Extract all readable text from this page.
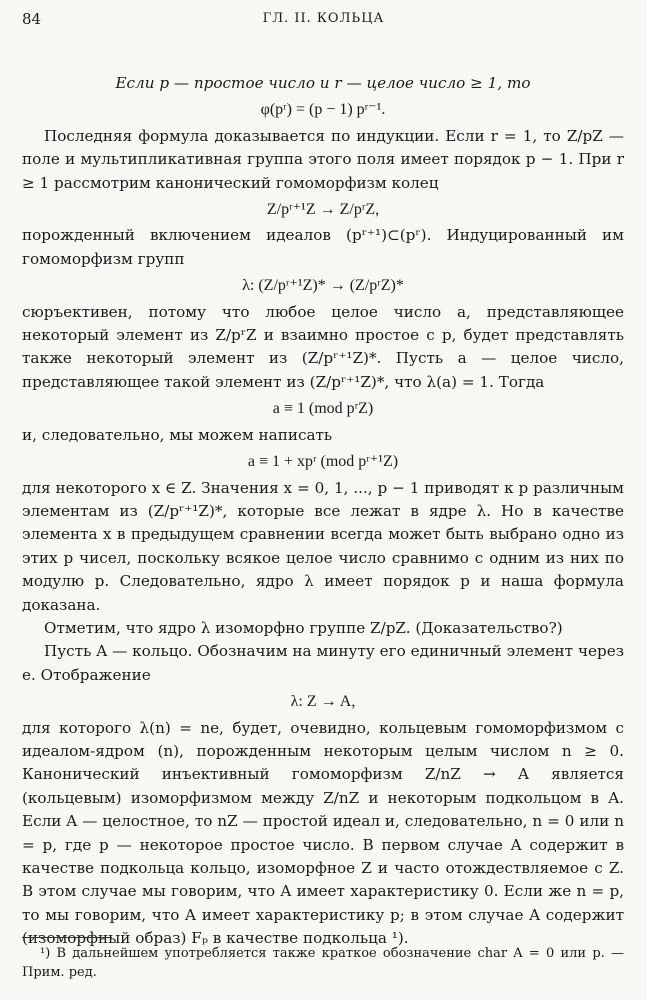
84	ГЛ. II. КОЛЬЦА

Если p — простое число и r — целое число ≥ 1, то

φ(pʳ) = (p − 1) pʳ⁻¹.

Последняя формула доказывается по индукции. Если r = 1, то Z/pZ — поле и мультипликативная группа этого поля имеет порядок p − 1. При r ≥ 1 рассмотрим канонический гомоморфизм колец

Z/pʳ⁺¹Z → Z/pʳZ,

порожденный включением идеалов (pʳ⁺¹)⊂(pʳ). Индуцированный им гомоморфизм групп

λ: (Z/pʳ⁺¹Z)* → (Z/pʳZ)*

сюръективен, потому что любое целое число a, представляющее некоторый элемент из Z/pʳZ и взаимно простое с p, будет представлять также некоторый элемент из (Z/pʳ⁺¹Z)*. Пусть a — целое число, представляющее такой элемент из (Z/pʳ⁺¹Z)*, что λ(a) = 1. Тогда

a ≡ 1 (mod pʳZ)

и, следовательно, мы можем написать

a ≡ 1 + xpʳ (mod pʳ⁺¹Z)

для некоторого x ∈ Z. Значения x = 0, 1, ..., p − 1 приводят к p различным элементам из (Z/pʳ⁺¹Z)*, которые все лежат в ядре λ. Но в качестве элемента x в предыдущем сравнении всегда может быть выбрано одно из этих p чисел, поскольку всякое целое число сравнимо с одним из них по модулю p. Следовательно, ядро λ имеет порядок p и наша формула доказана.

Отметим, что ядро λ изоморфно группе Z/pZ. (Доказательство?)

Пусть A — кольцо. Обозначим на минуту его единичный элемент через e. Отображение

λ: Z → A,

для которого λ(n) = ne, будет, очевидно, кольцевым гомоморфизмом с идеалом-ядром (n), порожденным некоторым целым числом n ≥ 0. Канонический инъективный гомоморфизм Z/nZ → A является (кольцевым) изоморфизмом между Z/nZ и некоторым подкольцом в A. Если A — целостное, то nZ — простой идеал и, следовательно, n = 0 или n = p, где p — некоторое простое число. В первом случае A содержит в качестве подкольца кольцо, изоморфное Z и часто отождествляемое с Z. В этом случае мы говорим, что A имеет характеристику 0. Если же n = p, то мы говорим, что A имеет характеристику p; в этом случае A содержит (изоморфный образ) Fₚ в качестве подкольца ¹).

¹) В дальнейшем употребляется также краткое обозначение char A = 0 или p. — Прим. ред.
